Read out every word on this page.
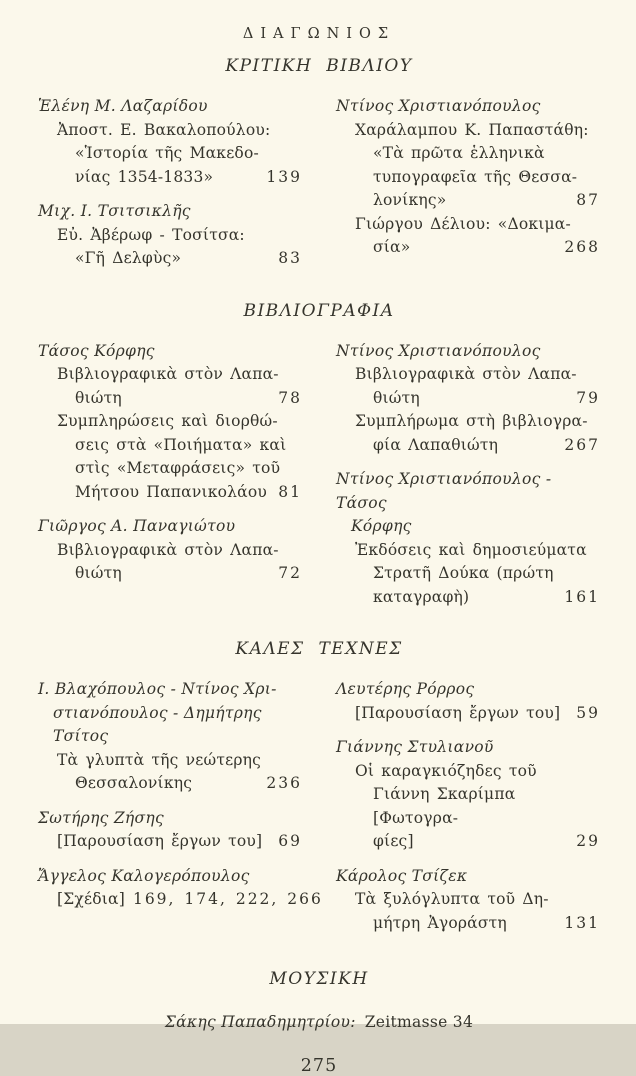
ΔΙΑΓΩΝΙΟΣ
ΚΡΙΤΙΚΗ ΒΙΒΛΙΟΥ
Ἑλένη Μ. Λαζαρίδου
Ἀποστ. Ε. Βακαλοπούλου:
«Ἱστορία τῆς Μακεδο-
νίας 1354-1833»	139
Μιχ. Ι. Τσιτσικλῆς
Εὐ. Ἀβέρωφ - Τοσίτσα:
«Γῆ Δελφὺς»	83
Ντίνος Χριστιανόπουλος
Χαράλαμπου Κ. Παπαστάθη:
«Τὰ πρῶτα ἑλληνικὰ
τυπογραφεῖα τῆς Θεσσα-
λονίκης»	87
Γιώργου Δέλιου: «Δοκιμα-
σία»	268
ΒΙΒΛΙΟΓΡΑΦΙΑ
Τάσος Κόρφης
Βιβλιογραφικὰ στὸν Λαπα-
θιώτη	78
Συμπληρώσεις καὶ διορθώ-
σεις στὰ «Ποιήματα» καὶ
στὶς «Μεταφράσεις» τοῦ
Μήτσου Παπανικολάου 81
Γιῶργος Α. Παναγιώτου
Βιβλιογραφικὰ στὸν Λαπα-
θιώτη	72
Ντίνος Χριστιανόπουλος
Βιβλιογραφικὰ στὸν Λαπα-
θιώτη	79
Συμπλήρωμα στὴ βιβλιογρα-
φία Λαπαθιώτη	267
Ντίνος Χριστιανόπουλος - Τάσος
Κόρφης
Ἐκδόσεις καὶ δημοσιεύματα
Στρατῆ Δούκα (πρώτη
καταγραφὴ)	161
ΚΑΛΕΣ ΤΕΧΝΕΣ
Ι. Βλαχόπουλος - Ντίνος Χρι-
στιανόπουλος - Δημήτρης
Τσίτος
Τὰ γλυπτὰ τῆς νεώτερης
Θεσσαλονίκης	236
Σωτήρης Ζήσης
[Παρουσίαση ἔργων του]	69
Ἄγγελος Καλογερόπουλος
[Σχέδια] 169, 174, 222, 266
Λευτέρης Ρόρρος
[Παρουσίαση ἔργων του]	59
Γιάννης Στυλιανοῦ
Οἱ καραγκιόζηδες τοῦ
Γιάννη Σκαρίμπα [Φωτογρα-
φίες]	29
Κάρολος Τσίζεκ
Τὰ ξυλόγλυπτα τοῦ Δη-
μήτρη Ἀγοράστη	131
ΜΟΥΣΙΚΗ

Σάκης Παπαδημητρίου: Zeitmasse 34

275
